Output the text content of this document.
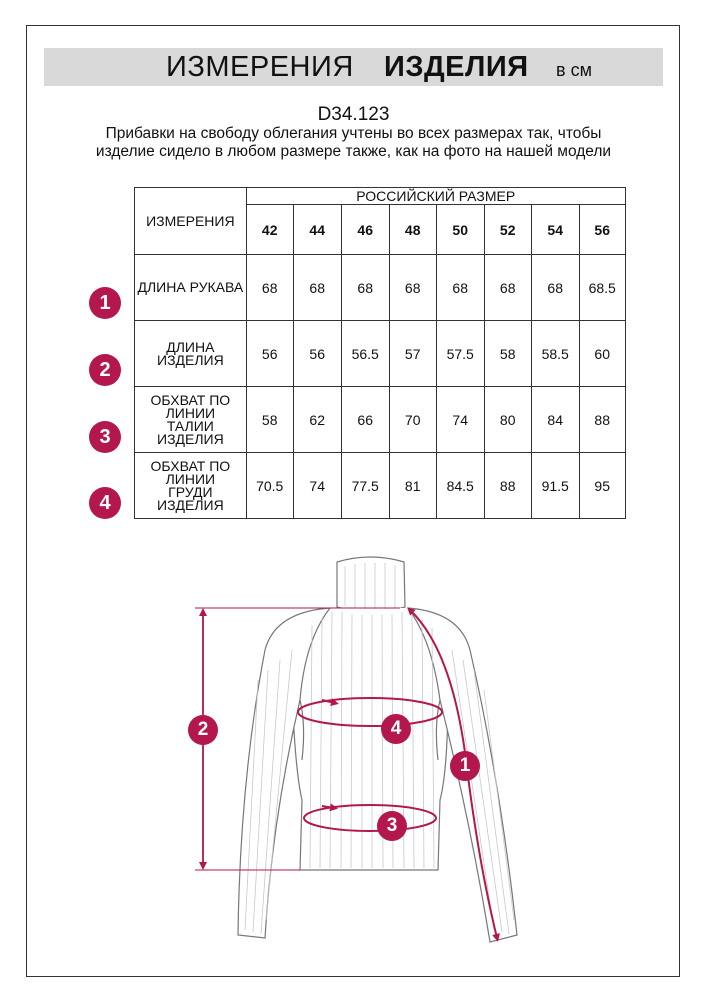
ИЗМЕРЕНИЯ ИЗДЕЛИЯ в см
D34.123
Прибавки на свободу облегания учтены во всех размерах так, чтобы изделие сидело в любом размере также, как на фото на нашей модели
ИЗМЕРЕНИЯ	РОССИЙСКИЙ РАЗМЕР							
	42	44	46	48	50	52	54	56
ДЛИНА РУКАВА	68	68	68	68	68	68	68	68.5
ДЛИНА ИЗДЕЛИЯ	56	56	56.5	57	57.5	58	58.5	60
ОБХВАТ ПО ЛИНИИ ТАЛИИ ИЗДЕЛИЯ	58	62	66	70	74	80	84	88
ОБХВАТ ПО ЛИНИИ ГРУДИ ИЗДЕЛИЯ	70.5	74	77.5	81	84.5	88	91.5	95
1
2
3
4
1
2
3
4
